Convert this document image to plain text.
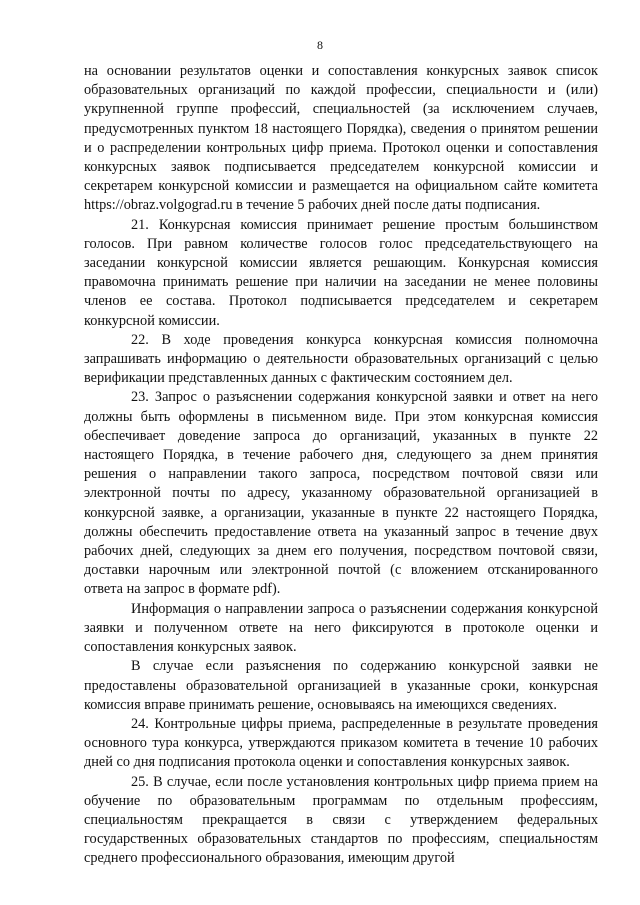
8

на основании результатов оценки и сопоставления конкурсных заявок список образовательных организаций по каждой профессии, специальности и (или) укрупненной группе профессий, специальностей (за исключением случаев, предусмотренных пунктом 18 настоящего Порядка), сведения о принятом решении и о распределении контрольных цифр приема. Протокол оценки и сопоставления конкурсных заявок подписывается председателем конкурсной комиссии и секретарем конкурсной комиссии и размещается на официальном сайте комитета https://obraz.volgograd.ru в течение 5 рабочих дней после даты подписания.

21. Конкурсная комиссия принимает решение простым большинством голосов. При равном количестве голосов голос председательствующего на заседании конкурсной комиссии является решающим. Конкурсная комиссия правомочна принимать решение при наличии на заседании не менее половины членов ее состава. Протокол подписывается председателем и секретарем конкурсной комиссии.

22. В ходе проведения конкурса конкурсная комиссия полномочна запрашивать информацию о деятельности образовательных организаций с целью верификации представленных данных с фактическим состоянием дел.

23. Запрос о разъяснении содержания конкурсной заявки и ответ на него должны быть оформлены в письменном виде. При этом конкурсная комиссия обеспечивает доведение запроса до организаций, указанных в пункте 22 настоящего Порядка, в течение рабочего дня, следующего за днем принятия решения о направлении такого запроса, посредством почтовой связи или электронной почты по адресу, указанному образовательной организацией в конкурсной заявке, а организации, указанные в пункте 22 настоящего Порядка, должны обеспечить предоставление ответа на указанный запрос в течение двух рабочих дней, следующих за днем его получения, посредством почтовой связи, доставки нарочным или электронной почтой (с вложением отсканированного ответа на запрос в формате pdf).

Информация о направлении запроса о разъяснении содержания конкурсной заявки и полученном ответе на него фиксируются в протоколе оценки и сопоставления конкурсных заявок.

В случае если разъяснения по содержанию конкурсной заявки не предоставлены образовательной организацией в указанные сроки, конкурсная комиссия вправе принимать решение, основываясь на имеющихся сведениях.

24. Контрольные цифры приема, распределенные в результате проведения основного тура конкурса, утверждаются приказом комитета в течение 10 рабочих дней со дня подписания протокола оценки и сопоставления конкурсных заявок.

25. В случае, если после установления контрольных цифр приема прием на обучение по образовательным программам по отдельным профессиям, специальностям прекращается в связи с утверждением федеральных государственных образовательных стандартов по профессиям, специальностям среднего профессионального образования, имеющим другой
